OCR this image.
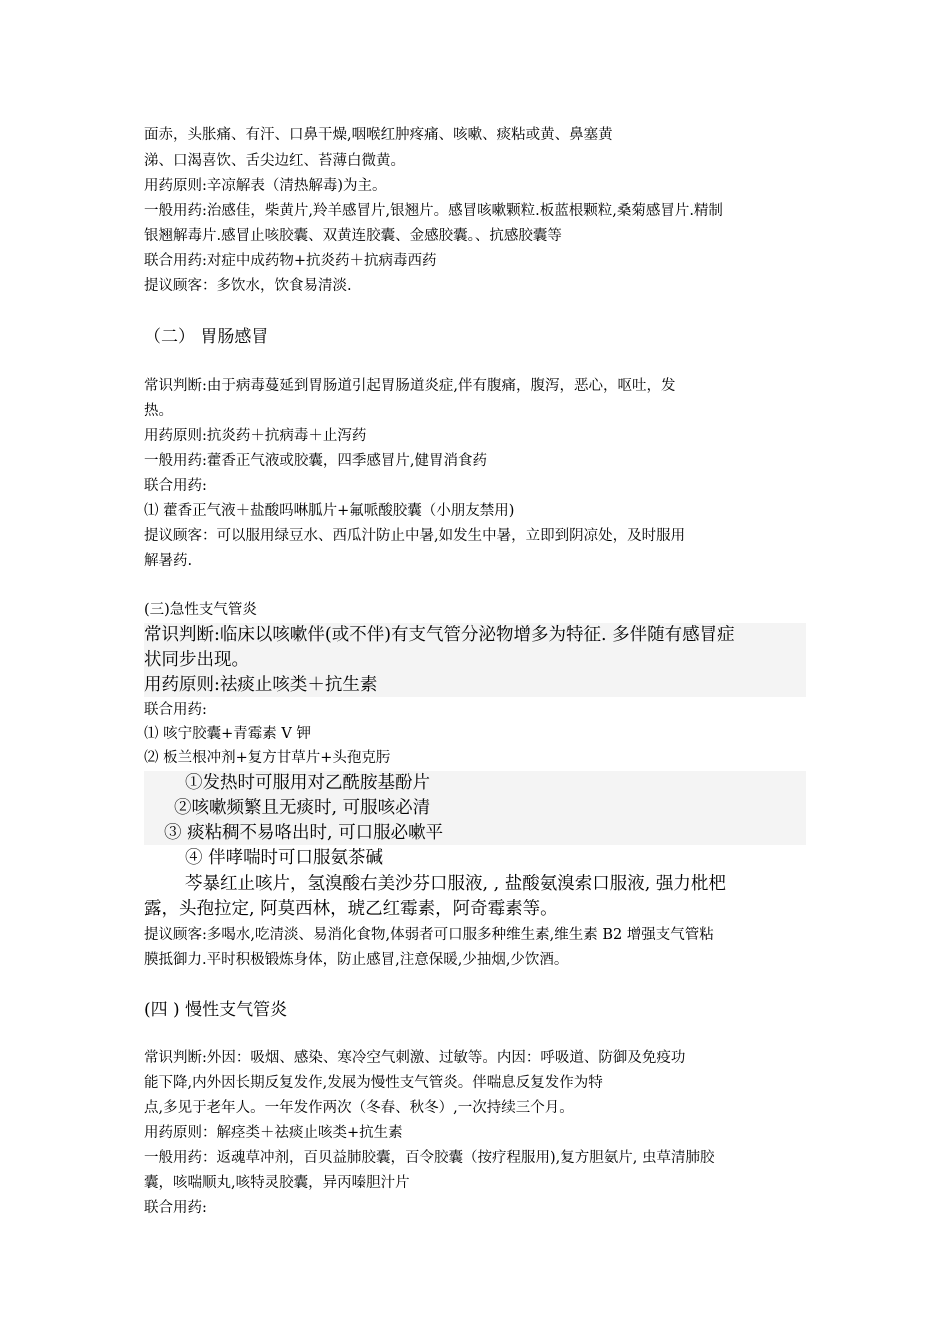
面赤，头胀痛、有汗、口鼻干燥,咽喉红肿疼痛、咳嗽、痰粘或黄、鼻塞黄
涕、口渴喜饮、舌尖边红、苔薄白微黄。
用药原则:辛凉解表（清热解毒)为主。
一般用药:治感佳，柴黄片,羚羊感冒片,银翘片。感冒咳嗽颗粒.板蓝根颗粒,桑菊感冒片.精制
银翘解毒片.感冒止咳胶囊、双黄连胶囊、金感胶囊。、抗感胶囊等
联合用药:对症中成药物+抗炎药＋抗病毒西药
提议顾客：多饮水，饮食易清淡.
（二） 胃肠感冒
常识判断:由于病毒蔓延到胃肠道引起胃肠道炎症,伴有腹痛，腹泻，恶心，呕吐，发
热。
用药原则:抗炎药＋抗病毒＋止泻药
一般用药:藿香正气液或胶囊，四季感冒片,健胃消食药
联合用药:
⑴ 藿香正气液＋盐酸吗啉胍片+氟哌酸胶囊（小朋友禁用)
提议顾客：可以服用绿豆水、西瓜汁防止中暑,如发生中暑，立即到阴凉处，及时服用
解暑药.
(三)急性支气管炎
常识判断:临床以咳嗽伴(或不伴)有支气管分泌物增多为特征. 多伴随有感冒症
状同步出现。
用药原则:祛痰止咳类＋抗生素
联合用药:
⑴ 咳宁胶囊+青霉素 V 钾
⑵ 板兰根冲剂+复方甘草片+头孢克肟
①发热时可服用对乙酰胺基酚片
②咳嗽频繁且无痰时, 可服咳必清
③ 痰粘稠不易咯出时, 可口服必嗽平
④ 伴哮喘时可口服氨茶碱
芩暴红止咳片，氢溴酸右美沙芬口服液, , 盐酸氨溴索口服液, 强力枇杷
露，头孢拉定, 阿莫西林，琥乙红霉素，阿奇霉素等。
提议顾客:多喝水,吃清淡、易消化食物,体弱者可口服多种维生素,维生素 B2 增强支气管粘
膜抵御力.平时积极锻炼身体，防止感冒,注意保暖,少抽烟,少饮酒。
(四 ) 慢性支气管炎
常识判断:外因：吸烟、感染、寒冷空气刺激、过敏等。内因：呼吸道、防御及免疫功
能下降,内外因长期反复发作,发展为慢性支气管炎。伴喘息反复发作为特
点,多见于老年人。一年发作两次（冬春、秋冬）,一次持续三个月。
用药原则：解痉类＋祛痰止咳类+抗生素
一般用药：返魂草冲剂，百贝益肺胶囊，百令胶囊（按疗程服用),复方胆氨片, 虫草清肺胶
囊，咳喘顺丸,咳特灵胶囊，异丙嗪胆汁片
联合用药:
